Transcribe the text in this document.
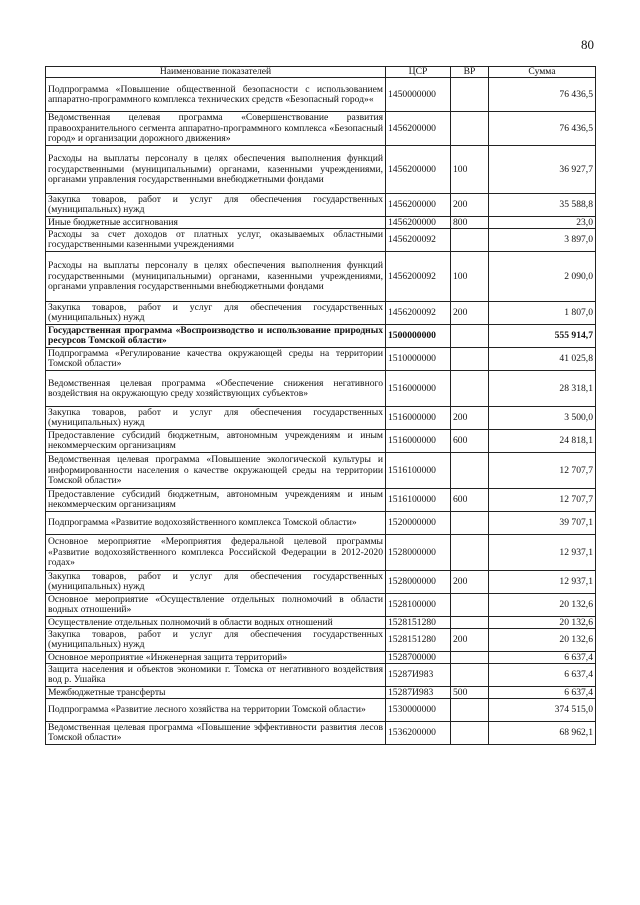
80
Наименование показателей	ЦСР	ВР	Сумма
Подпрограмма «Повышение общественной безопасности с использованием аппаратно-программного комплекса технических средств «Безопасный город»«	1450000000		76 436,5
Ведомственная целевая программа «Совершенствование развития правоохранительного сегмента аппаратно-программного комплекса «Безопасный город» и организации дорожного движения»	1456200000		76 436,5
Расходы на выплаты персоналу в целях обеспечения выполнения функций государственными (муниципальными) органами, казенными учреждениями, органами управления государственными внебюджетными фондами	1456200000	100	36 927,7
Закупка товаров, работ и услуг для обеспечения государственных (муниципальных) нужд	1456200000	200	35 588,8
Иные бюджетные ассигнования	1456200000	800	23,0
Расходы за счет доходов от платных услуг, оказываемых областными государственными казенными учреждениями	1456200092		3 897,0
Расходы на выплаты персоналу в целях обеспечения выполнения функций государственными (муниципальными) органами, казенными учреждениями, органами управления государственными внебюджетными фондами	1456200092	100	2 090,0
Закупка товаров, работ и услуг для обеспечения государственных (муниципальных) нужд	1456200092	200	1 807,0
Государственная программа «Воспроизводство и использование природных ресурсов Томской области»	1500000000		555 914,7
Подпрограмма «Регулирование качества окружающей среды на территории Томской области»	1510000000		41 025,8
Ведомственная целевая программа «Обеспечение снижения негативного воздействия на окружающую среду хозяйствующих субъектов»	1516000000		28 318,1
Закупка товаров, работ и услуг для обеспечения государственных (муниципальных) нужд	1516000000	200	3 500,0
Предоставление субсидий бюджетным, автономным учреждениям и иным некоммерческим организациям	1516000000	600	24 818,1
Ведомственная целевая программа «Повышение экологической культуры и информированности населения о качестве окружающей среды на территории Томской области»	1516100000		12 707,7
Предоставление субсидий бюджетным, автономным учреждениям и иным некоммерческим организациям	1516100000	600	12 707,7
Подпрограмма «Развитие водохозяйственного комплекса Томской области»	1520000000		39 707,1
Основное мероприятие «Мероприятия федеральной целевой программы «Развитие водохозяйственного комплекса Российской Федерации в 2012-2020 годах»	1528000000		12 937,1
Закупка товаров, работ и услуг для обеспечения государственных (муниципальных) нужд	1528000000	200	12 937,1
Основное мероприятие «Осуществление отдельных полномочий в области водных отношений»	1528100000		20 132,6
Осуществление отдельных полномочий в области водных отношений	1528151280		20 132,6
Закупка товаров, работ и услуг для обеспечения государственных (муниципальных) нужд	1528151280	200	20 132,6
Основное мероприятие «Инженерная защита территорий»	1528700000		6 637,4
Защита населения и объектов экономики г. Томска от негативного воздействия вод р. Ушайка	15287И983		6 637,4
Межбюджетные трансферты	15287И983	500	6 637,4
Подпрограмма «Развитие лесного хозяйства на территории Томской области»	1530000000		374 515,0
Ведомственная целевая программа «Повышение эффективности развития лесов Томской области»	1536200000		68 962,1
